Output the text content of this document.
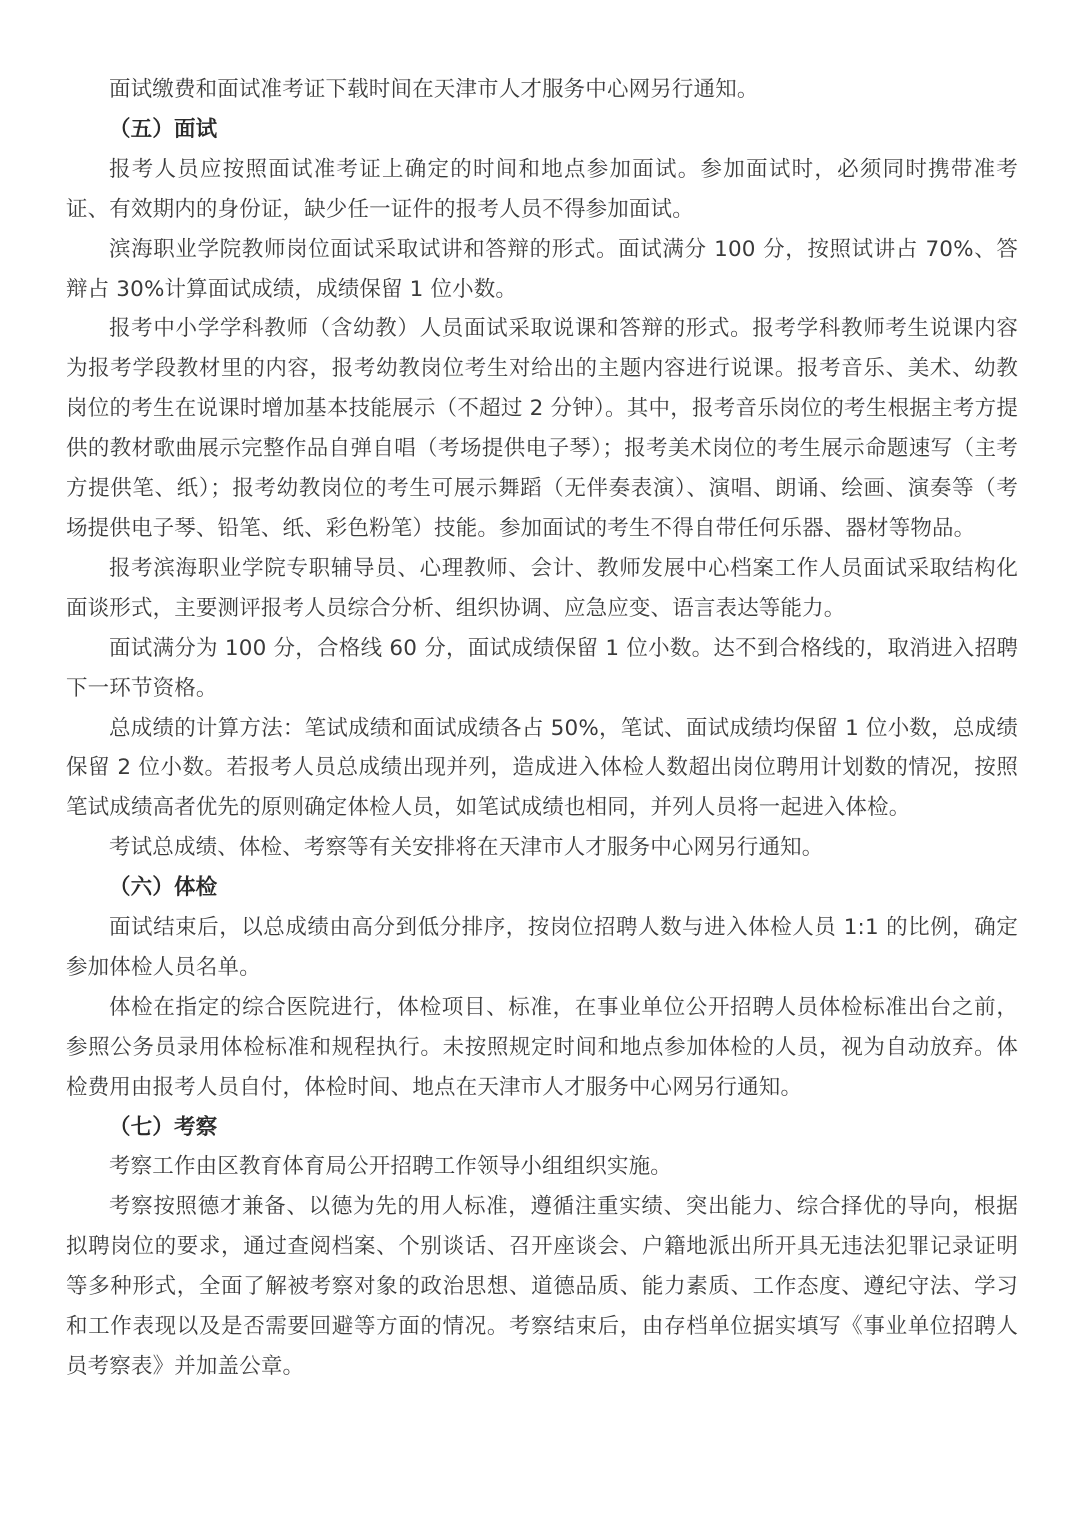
面试缴费和面试准考证下载时间在天津市人才服务中心网另行通知。

（五）面试

报考人员应按照面试准考证上确定的时间和地点参加面试。参加面试时，必须同时携带准考证、有效期内的身份证，缺少任一证件的报考人员不得参加面试。

滨海职业学院教师岗位面试采取试讲和答辩的形式。面试满分 100 分，按照试讲占 70%、答辩占 30%计算面试成绩，成绩保留 1 位小数。

报考中小学学科教师（含幼教）人员面试采取说课和答辩的形式。报考学科教师考生说课内容为报考学段教材里的内容，报考幼教岗位考生对给出的主题内容进行说课。报考音乐、美术、幼教岗位的考生在说课时增加基本技能展示（不超过 2 分钟）。其中，报考音乐岗位的考生根据主考方提供的教材歌曲展示完整作品自弹自唱（考场提供电子琴）；报考美术岗位的考生展示命题速写（主考方提供笔、纸）；报考幼教岗位的考生可展示舞蹈（无伴奏表演）、演唱、朗诵、绘画、演奏等（考场提供电子琴、铅笔、纸、彩色粉笔）技能。参加面试的考生不得自带任何乐器、器材等物品。

报考滨海职业学院专职辅导员、心理教师、会计、教师发展中心档案工作人员面试采取结构化面谈形式，主要测评报考人员综合分析、组织协调、应急应变、语言表达等能力。

面试满分为 100 分，合格线 60 分，面试成绩保留 1 位小数。达不到合格线的，取消进入招聘下一环节资格。

总成绩的计算方法：笔试成绩和面试成绩各占 50%，笔试、面试成绩均保留 1 位小数，总成绩保留 2 位小数。若报考人员总成绩出现并列，造成进入体检人数超出岗位聘用计划数的情况，按照笔试成绩高者优先的原则确定体检人员，如笔试成绩也相同，并列人员将一起进入体检。

考试总成绩、体检、考察等有关安排将在天津市人才服务中心网另行通知。

（六）体检

面试结束后，以总成绩由高分到低分排序，按岗位招聘人数与进入体检人员 1:1 的比例，确定参加体检人员名单。

体检在指定的综合医院进行，体检项目、标准，在事业单位公开招聘人员体检标准出台之前，参照公务员录用体检标准和规程执行。未按照规定时间和地点参加体检的人员，视为自动放弃。体检费用由报考人员自付，体检时间、地点在天津市人才服务中心网另行通知。

（七）考察

考察工作由区教育体育局公开招聘工作领导小组组织实施。

考察按照德才兼备、以德为先的用人标准，遵循注重实绩、突出能力、综合择优的导向，根据拟聘岗位的要求，通过查阅档案、个别谈话、召开座谈会、户籍地派出所开具无违法犯罪记录证明等多种形式，全面了解被考察对象的政治思想、道德品质、能力素质、工作态度、遵纪守法、学习和工作表现以及是否需要回避等方面的情况。考察结束后，由存档单位据实填写《事业单位招聘人员考察表》并加盖公章。
